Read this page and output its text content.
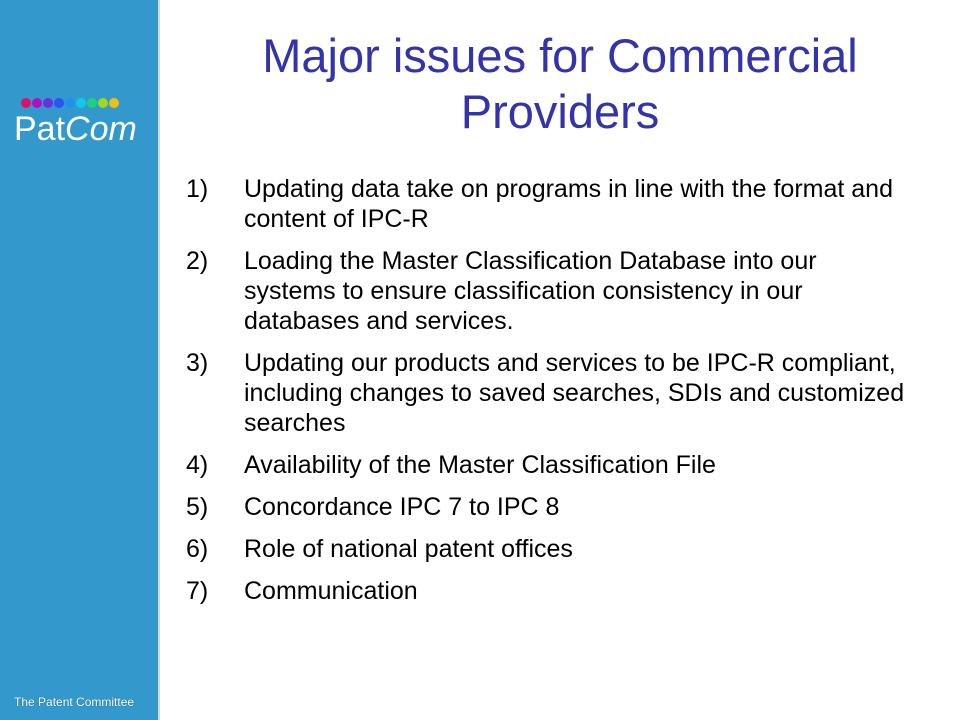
PatCom
The Patent Committee
Major issues for Commercial Providers
1)	Updating data take on programs in line with the format and content of IPC-R
2)	Loading the Master Classification Database into our systems to ensure classification consistency in our databases and services.
3)	Updating our products and services to be IPC-R compliant, including changes to saved searches, SDIs and customized searches
4)	Availability of the Master Classification File
5)	Concordance IPC 7 to IPC 8
6)	Role of national patent offices
7)	Communication
